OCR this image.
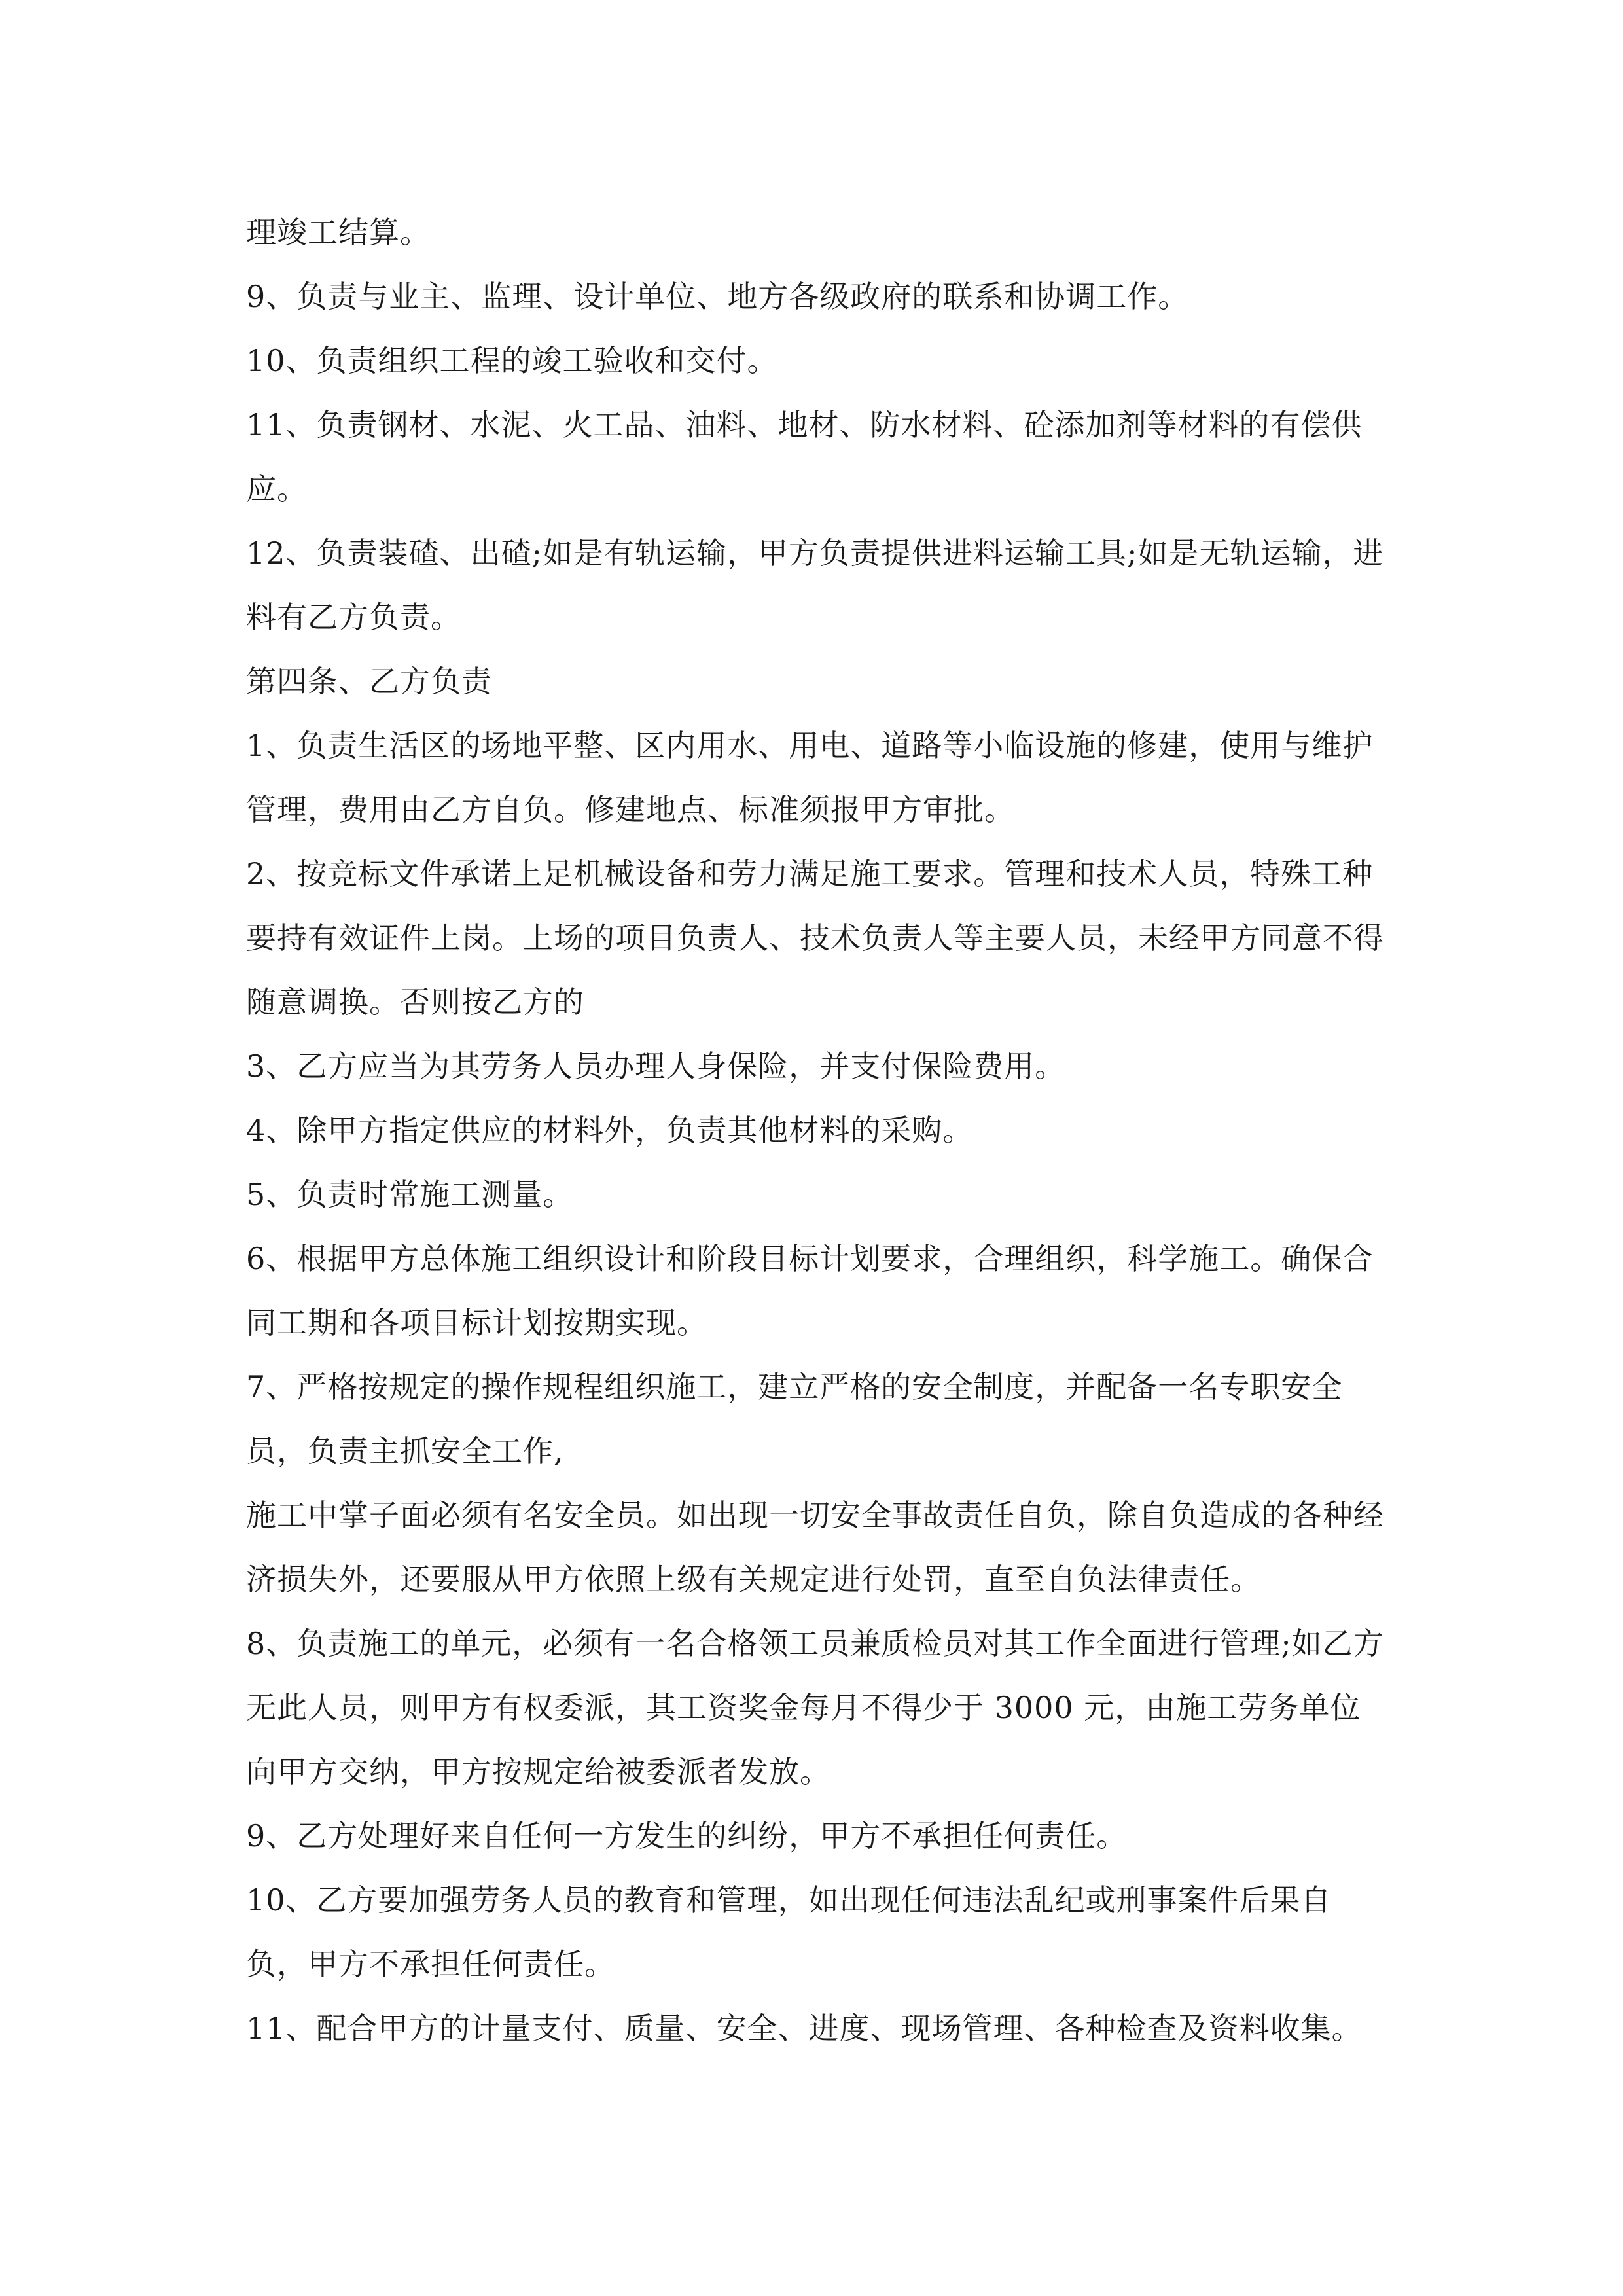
理竣工结算。

9、负责与业主、监理、设计单位、地方各级政府的联系和协调工作。

10、负责组织工程的竣工验收和交付。

11、负责钢材、水泥、火工品、油料、地材、防水材料、砼添加剂等材料的有偿供应。

12、负责装碴、出碴;如是有轨运输，甲方负责提供进料运输工具;如是无轨运输，进料有乙方负责。

第四条、乙方负责

1、负责生活区的场地平整、区内用水、用电、道路等小临设施的修建，使用与维护管理，费用由乙方自负。修建地点、标准须报甲方审批。

2、按竞标文件承诺上足机械设备和劳力满足施工要求。管理和技术人员，特殊工种要持有效证件上岗。上场的项目负责人、技术负责人等主要人员，未经甲方同意不得随意调换。否则按乙方的

3、乙方应当为其劳务人员办理人身保险，并支付保险费用。

4、除甲方指定供应的材料外，负责其他材料的采购。

5、负责时常施工测量。

6、根据甲方总体施工组织设计和阶段目标计划要求，合理组织，科学施工。确保合同工期和各项目标计划按期实现。

7、严格按规定的操作规程组织施工，建立严格的安全制度，并配备一名专职安全员，负责主抓安全工作,

施工中掌子面必须有名安全员。如出现一切安全事故责任自负，除自负造成的各种经济损失外，还要服从甲方依照上级有关规定进行处罚，直至自负法律责任。

8、负责施工的单元，必须有一名合格领工员兼质检员对其工作全面进行管理;如乙方无此人员，则甲方有权委派，其工资奖金每月不得少于 3000 元，由施工劳务单位向甲方交纳，甲方按规定给被委派者发放。

9、乙方处理好来自任何一方发生的纠纷，甲方不承担任何责任。

10、乙方要加强劳务人员的教育和管理，如出现任何违法乱纪或刑事案件后果自负，甲方不承担任何责任。

11、配合甲方的计量支付、质量、安全、进度、现场管理、各种检查及资料收集。
